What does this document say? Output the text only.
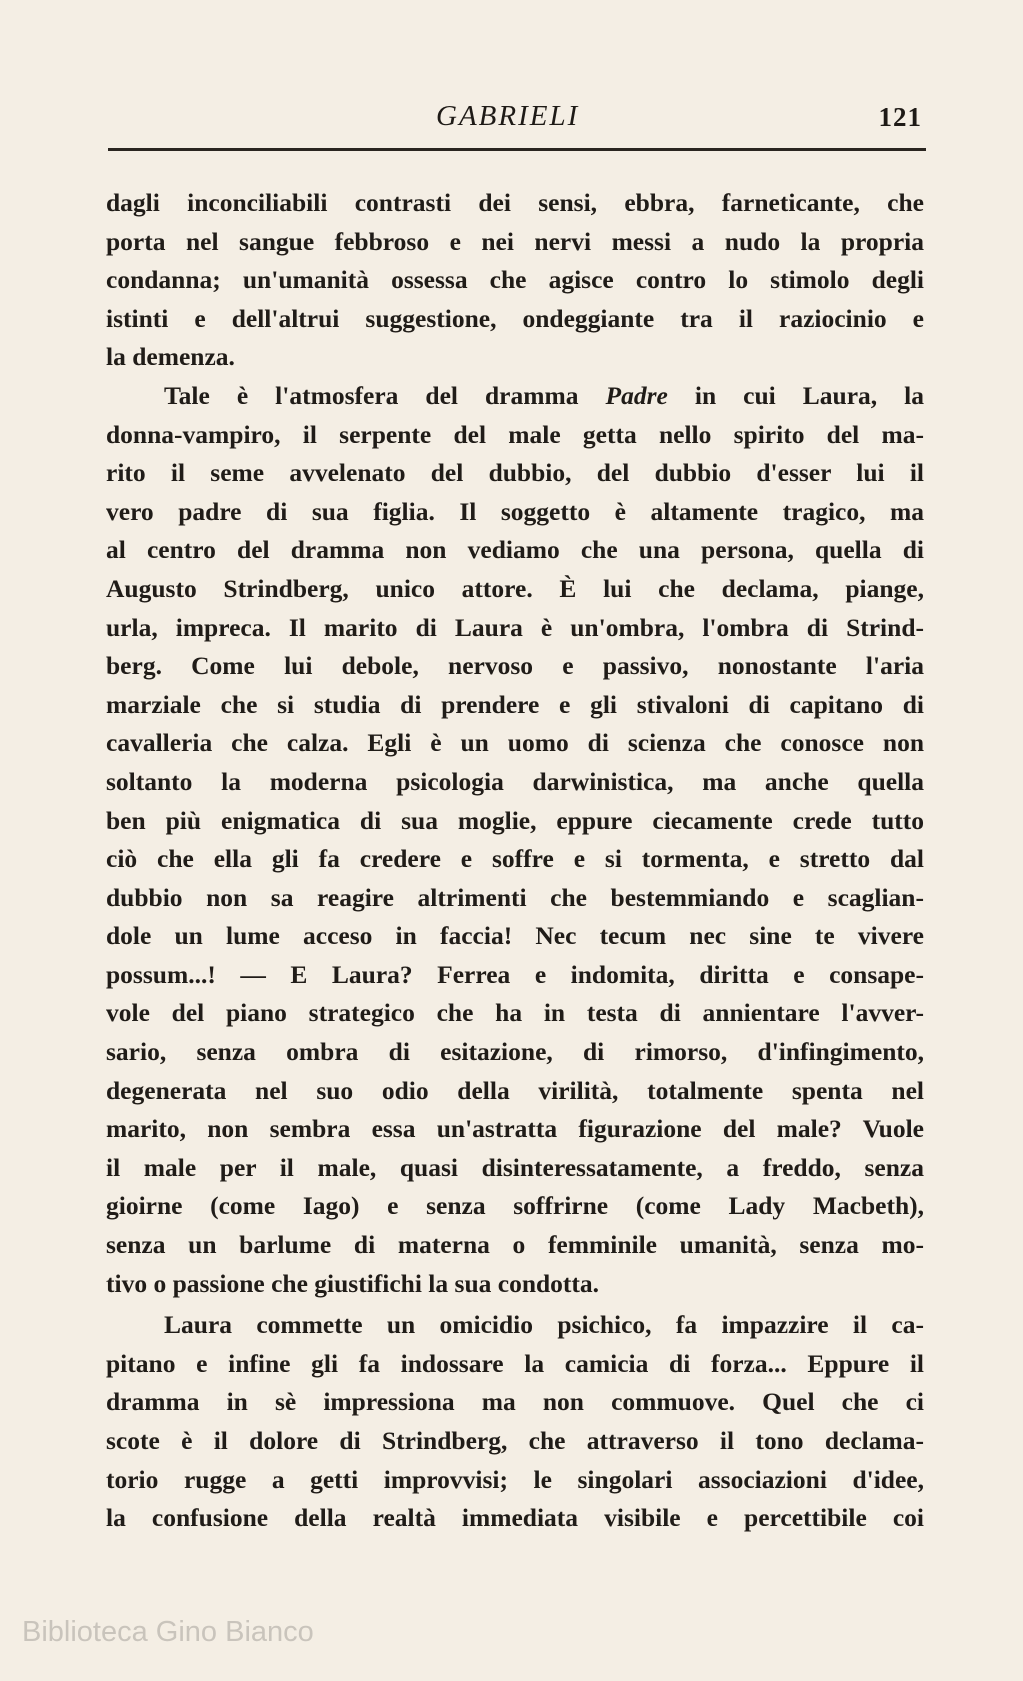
GABRIELI	121
dagli inconciliabili contrasti dei sensi, ebbra, farneticante, che
porta nel sangue febbroso e nei nervi messi a nudo la propria
condanna; un'umanità ossessa che agisce contro lo stimolo degli
istinti e dell'altrui suggestione, ondeggiante tra il raziocinio e
la demenza.
Tale è l'atmosfera del dramma Padre in cui Laura, la
donna-vampiro, il serpente del male getta nello spirito del ma-
rito il seme avvelenato del dubbio, del dubbio d'esser lui il
vero padre di sua figlia. Il soggetto è altamente tragico, ma
al centro del dramma non vediamo che una persona, quella di
Augusto Strindberg, unico attore. È lui che declama, piange,
urla, impreca. Il marito di Laura è un'ombra, l'ombra di Strind-
berg. Come lui debole, nervoso e passivo, nonostante l'aria
marziale che si studia di prendere e gli stivaloni di capitano di
cavalleria che calza. Egli è un uomo di scienza che conosce non
soltanto la moderna psicologia darwinistica, ma anche quella
ben più enigmatica di sua moglie, eppure ciecamente crede tutto
ciò che ella gli fa credere e soffre e si tormenta, e stretto dal
dubbio non sa reagire altrimenti che bestemmiando e scaglian-
dole un lume acceso in faccia! Nec tecum nec sine te vivere
possum...! — E Laura? Ferrea e indomita, diritta e consape-
vole del piano strategico che ha in testa di annientare l'avver-
sario, senza ombra di esitazione, di rimorso, d'infingimento,
degenerata nel suo odio della virilità, totalmente spenta nel
marito, non sembra essa un'astratta figurazione del male? Vuole
il male per il male, quasi disinteressatamente, a freddo, senza
gioirne (come Iago) e senza soffrirne (come Lady Macbeth),
senza un barlume di materna o femminile umanità, senza mo-
tivo o passione che giustifichi la sua condotta.
Laura commette un omicidio psichico, fa impazzire il ca-
pitano e infine gli fa indossare la camicia di forza... Eppure il
dramma in sè impressiona ma non commuove. Quel che ci
scote è il dolore di Strindberg, che attraverso il tono declama-
torio rugge a getti improvvisi; le singolari associazioni d'idee,
la confusione della realtà immediata visibile e percettibile coi
Biblioteca Gino Bianco
